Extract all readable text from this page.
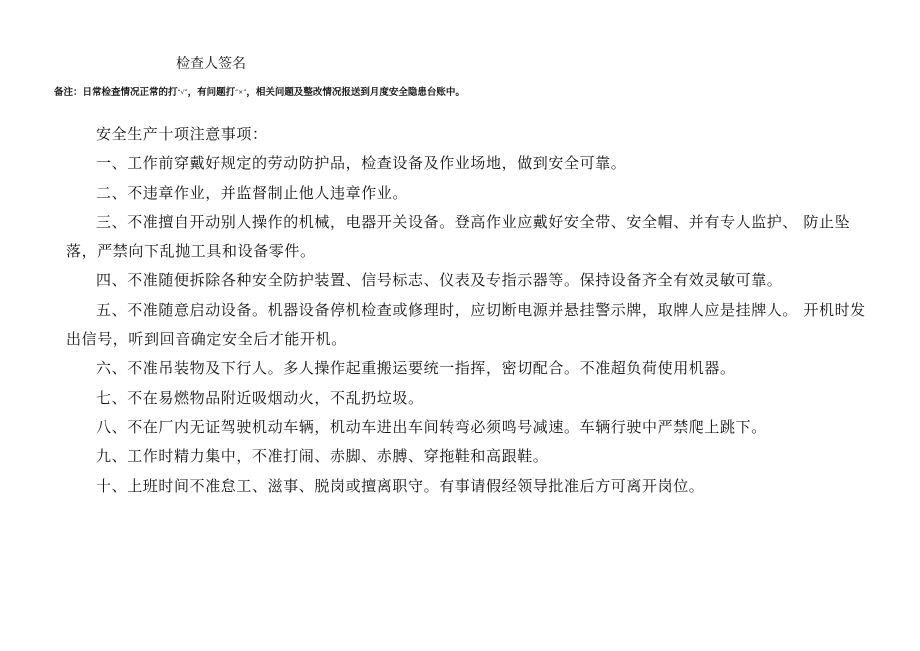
检查人签名
备注：日常检查情况正常的打“√”，有问题打“×”，相关问题及整改情况报送到月度安全隐患台账中。

安全生产十项注意事项：

一、工作前穿戴好规定的劳动防护品，检查设备及作业场地，做到安全可靠。

二、不违章作业，并监督制止他人违章作业。

三、不准擅自开动别人操作的机械，电器开关设备。登高作业应戴好安全带、安全帽、并有专人监护、 防止坠落，严禁向下乱抛工具和设备零件。

四、不准随便拆除各种安全防护装置、信号标志、仪表及专指示器等。保持设备齐全有效灵敏可靠。

五、不准随意启动设备。机器设备停机检查或修理时，应切断电源并悬挂警示牌，取牌人应是挂牌人。 开机时发出信号，听到回音确定安全后才能开机。

六、不准吊装物及下行人。多人操作起重搬运要统一指挥，密切配合。不准超负荷使用机器。

七、不在易燃物品附近吸烟动火，不乱扔垃圾。

八、不在厂内无证驾驶机动车辆，机动车进出车间转弯必须鸣号减速。车辆行驶中严禁爬上跳下。

九、工作时精力集中，不准打闹、赤脚、赤膊、穿拖鞋和高跟鞋。

十、上班时间不准怠工、滋事、脱岗或擅离职守。有事请假经领导批准后方可离开岗位。
